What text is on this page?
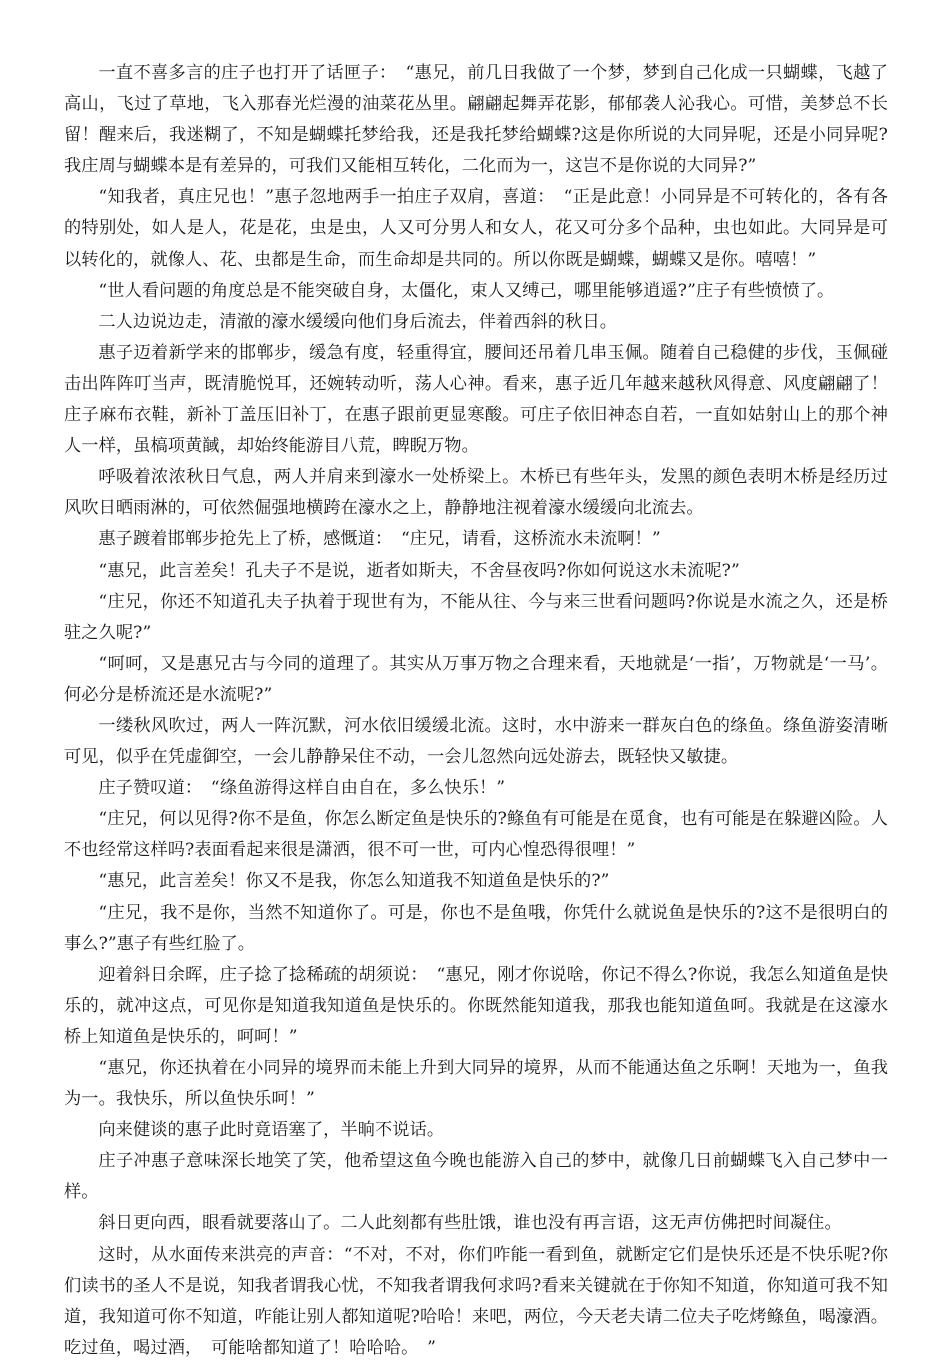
一直不喜多言的庄子也打开了话匣子：　“惠兄，前几日我做了一个梦，梦到自己化成一只蝴蝶，飞越了高山，飞过了草地，飞入那春光烂漫的油菜花丛里。翩翩起舞弄花影，郁郁袭人沁我心。可惜，美梦总不长留！醒来后，我迷糊了，不知是蝴蝶托梦给我，还是我托梦给蝴蝶?这是你所说的大同异呢，还是小同异呢?我庄周与蝴蝶本是有差异的，可我们又能相互转化，二化而为一，这岂不是你说的大同异?”

“知我者，真庄兄也！”惠子忽地两手一拍庄子双肩，喜道：　“正是此意！小同异是不可转化的，各有各的特别处，如人是人，花是花，虫是虫，人又可分男人和女人，花又可分多个品种，虫也如此。大同异是可以转化的，就像人、花、虫都是生命，而生命却是共同的。所以你既是蝴蝶，蝴蝶又是你。嘻嘻！”

“世人看问题的角度总是不能突破自身，太僵化，束人又缚己，哪里能够逍遥?”庄子有些愤愤了。

二人边说边走，清澈的濠水缓缓向他们身后流去，伴着西斜的秋日。

惠子迈着新学来的邯郸步，缓急有度，轻重得宜，腰间还吊着几串玉佩。随着自己稳健的步伐，玉佩碰击出阵阵叮当声，既清脆悦耳，还婉转动听，荡人心神。看来，惠子近几年越来越秋风得意、风度翩翩了！庄子麻布衣鞋，新补丁盖压旧补丁，在惠子跟前更显寒酸。可庄子依旧神态自若，一直如姑射山上的那个神人一样，虽槁项黄馘，却始终能游目八荒，睥睨万物。

呼吸着浓浓秋日气息，两人并肩来到濠水一处桥梁上。木桥已有些年头，发黑的颜色表明木桥是经历过风吹日晒雨淋的，可依然倔强地横跨在濠水之上，静静地注视着濠水缓缓向北流去。

惠子踱着邯郸步抢先上了桥，感慨道：　“庄兄，请看，这桥流水未流啊！”

“惠兄，此言差矣！孔夫子不是说，逝者如斯夫，不舍昼夜吗?你如何说这水未流呢?”

“庄兄，你还不知道孔夫子执着于现世有为，不能从往、今与来三世看问题吗?你说是水流之久，还是桥驻之久呢?”

“呵呵，又是惠兄古与今同的道理了。其实从万事万物之合理来看，天地就是‘一指’，万物就是‘一马’。何必分是桥流还是水流呢?”

一缕秋风吹过，两人一阵沉默，河水依旧缓缓北流。这时，水中游来一群灰白色的绦鱼。绦鱼游姿清晰可见，似乎在凭虚御空，一会儿静静呆住不动，一会儿忽然向远处游去，既轻快又敏捷。

庄子赞叹道：　“绦鱼游得这样自由自在，多么快乐！”

“庄兄，何以见得?你不是鱼，你怎么断定鱼是快乐的?鲦鱼有可能是在觅食，也有可能是在躲避凶险。人不也经常这样吗?表面看起来很是潇洒，很不可一世，可内心惶恐得很哩！”

“惠兄，此言差矣！你又不是我，你怎么知道我不知道鱼是快乐的?”

“庄兄，我不是你，当然不知道你了。可是，你也不是鱼哦，你凭什么就说鱼是快乐的?这不是很明白的事么?”惠子有些红脸了。

迎着斜日余晖，庄子捻了捻稀疏的胡须说：　“惠兄，刚才你说啥，你记不得么?你说，我怎么知道鱼是快乐的，就冲这点，可见你是知道我知道鱼是快乐的。你既然能知道我，那我也能知道鱼呵。我就是在这濠水桥上知道鱼是快乐的，呵呵！”

“惠兄，你还执着在小同异的境界而未能上升到大同异的境界，从而不能通达鱼之乐啊！天地为一，鱼我为一。我快乐，所以鱼快乐呵！”

向来健谈的惠子此时竟语塞了，半晌不说话。

庄子冲惠子意味深长地笑了笑，他希望这鱼今晚也能游入自己的梦中，就像几日前蝴蝶飞入自己梦中一样。

斜日更向西，眼看就要落山了。二人此刻都有些肚饿，谁也没有再言语，这无声仿佛把时间凝住。

这时，从水面传来洪亮的声音：“不对，不对，你们咋能一看到鱼，就断定它们是快乐还是不快乐呢?你们读书的圣人不是说，知我者谓我心忧，不知我者谓我何求吗?看来关键就在于你知不知道，你知道可我不知道，我知道可你不知道，咋能让别人都知道呢?哈哈！来吧，两位，今天老夫请二位夫子吃烤鲦鱼，喝濠酒。吃过鱼，喝过酒，　可能啥都知道了！哈哈哈。　”
